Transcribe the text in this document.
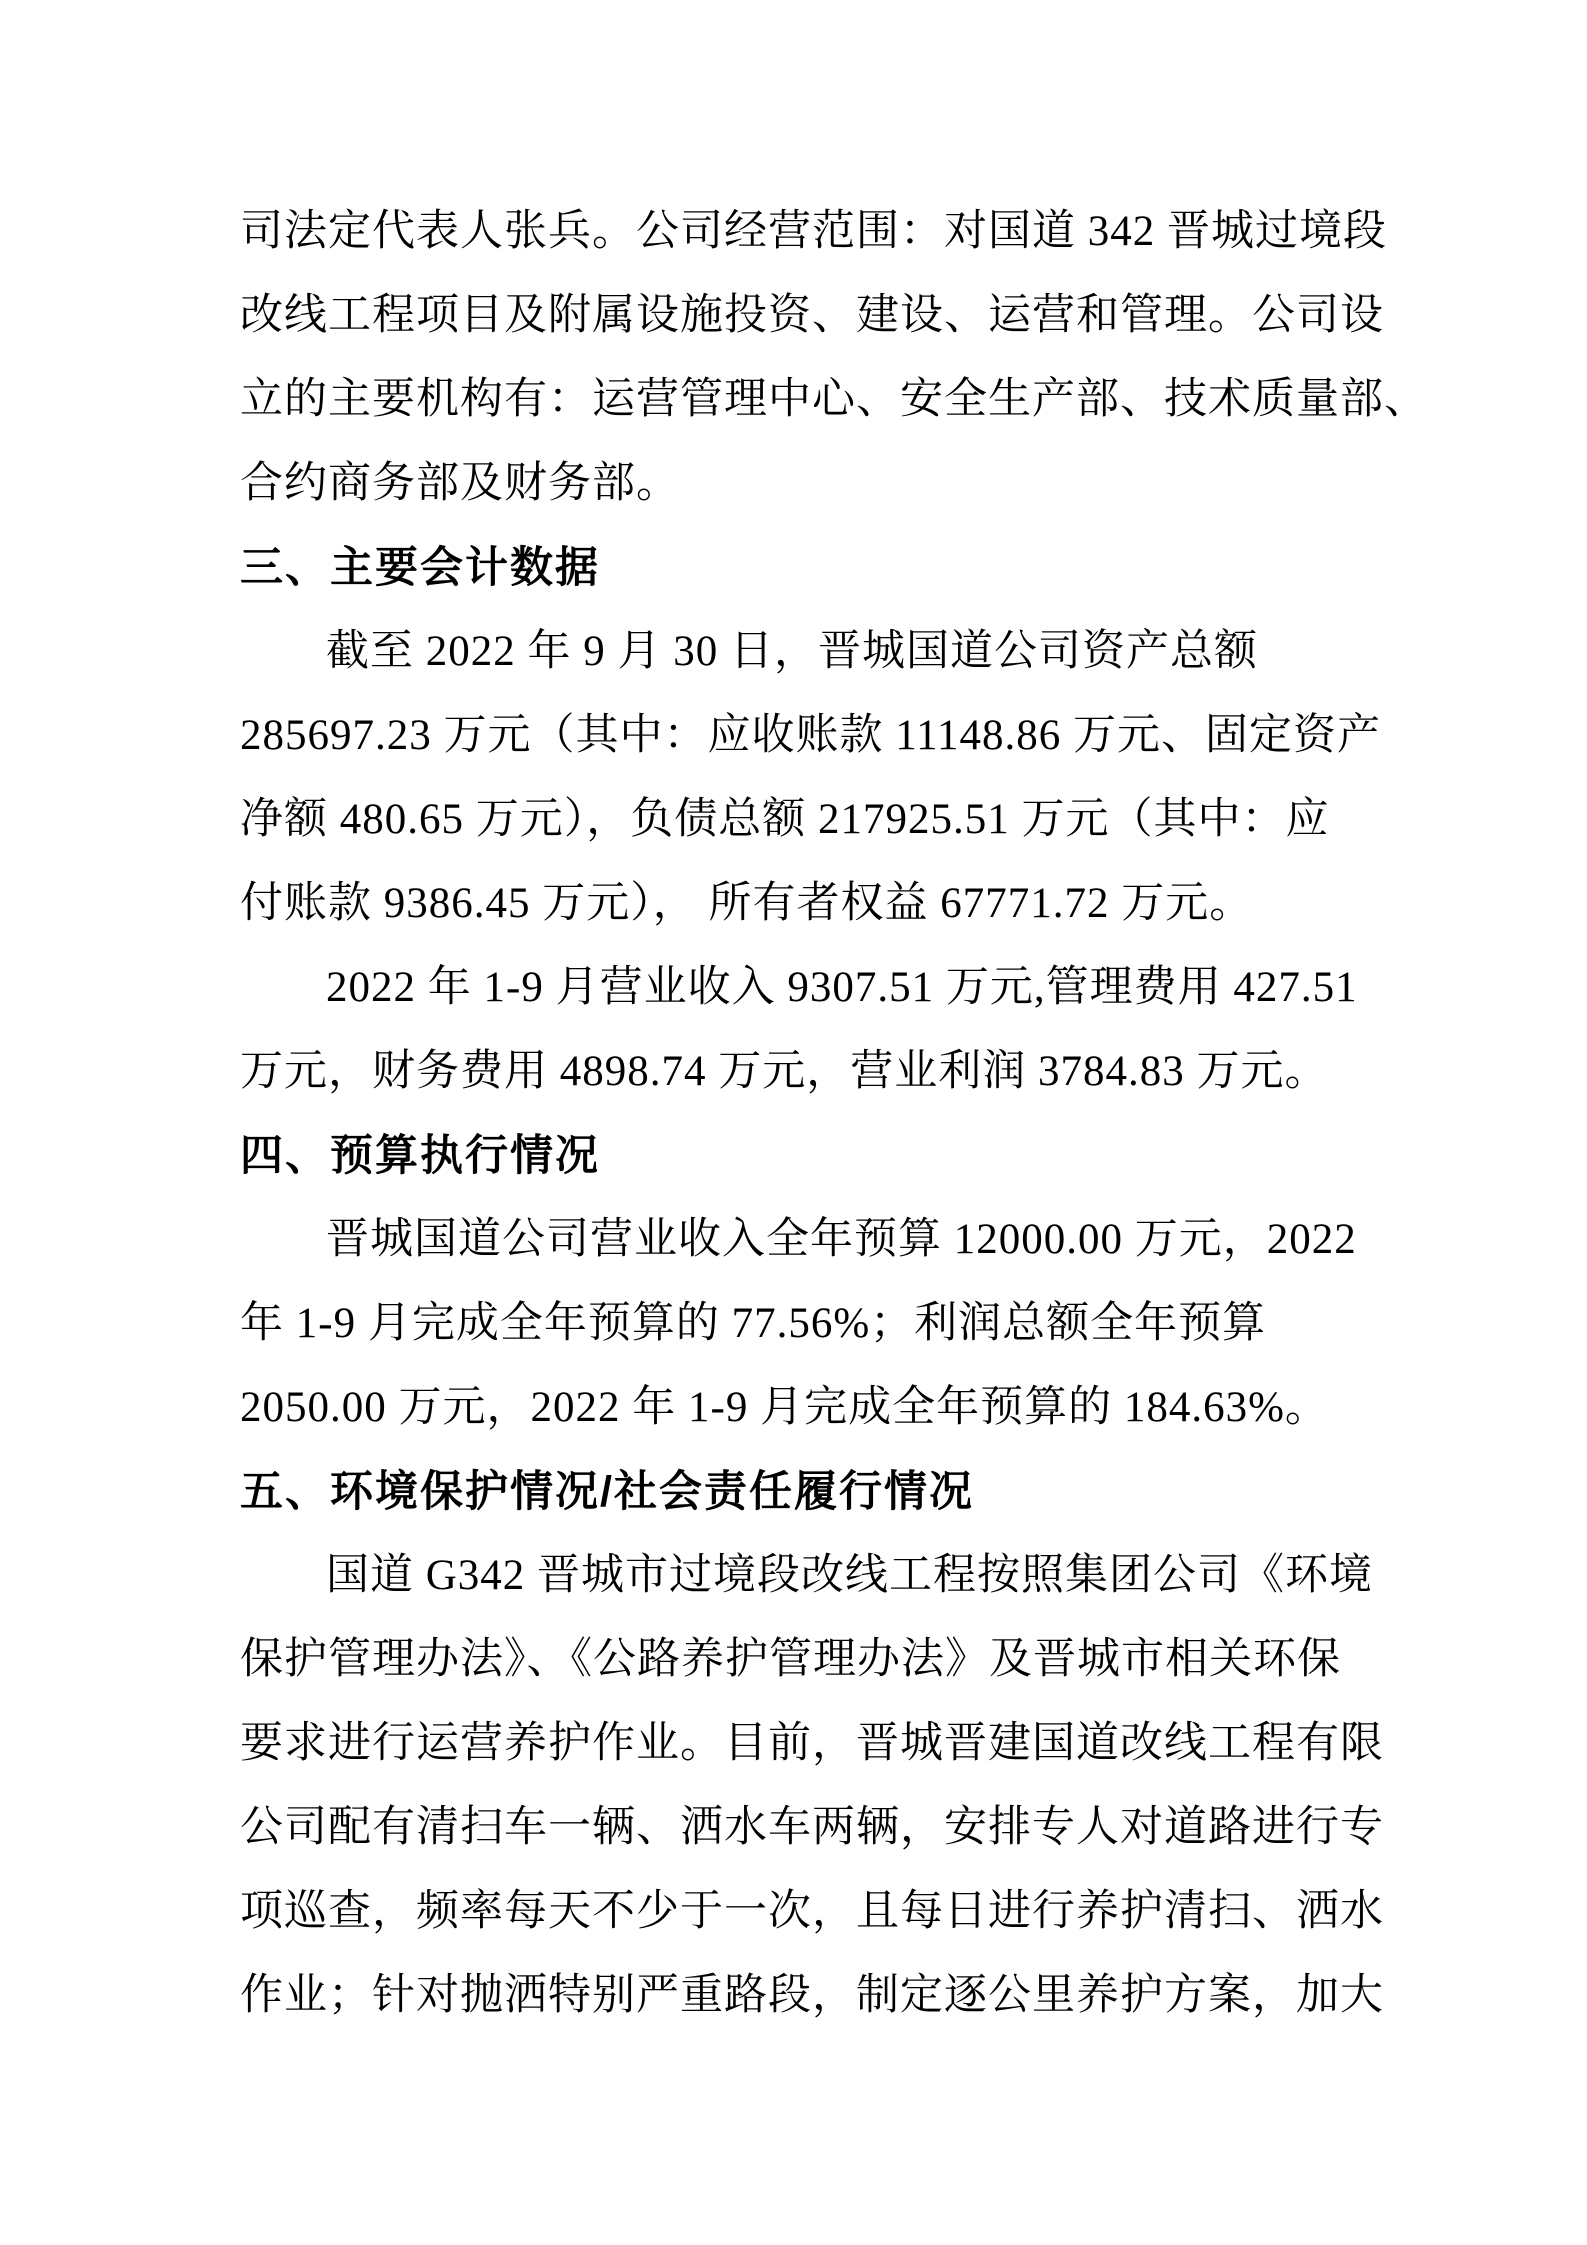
司法定代表人张兵。公司经营范围：对国道 342 晋城过境段
改线工程项目及附属设施投资、建设、运营和管理。公司设
立的主要机构有：运营管理中心、安全生产部、技术质量部、
合约商务部及财务部。
三、主要会计数据
截至 2022 年 9 月 30 日，晋城国道公司资产总额
285697.23 万元（其中：应收账款 11148.86 万元、固定资产
净额 480.65 万元），负债总额 217925.51 万元（其中：应
付账款 9386.45 万元）， 所有者权益 67771.72 万元。
2022 年 1-9 月营业收入 9307.51 万元,管理费用 427.51
万元，财务费用 4898.74 万元，营业利润 3784.83 万元。
四、预算执行情况
晋城国道公司营业收入全年预算 12000.00 万元，2022
年 1-9 月完成全年预算的 77.56%；利润总额全年预算
2050.00 万元，2022 年 1-9 月完成全年预算的 184.63%。
五、环境保护情况/社会责任履行情况
国道 G342 晋城市过境段改线工程按照集团公司《环境
保护管理办法》、《公路养护管理办法》及晋城市相关环保
要求进行运营养护作业。目前，晋城晋建国道改线工程有限
公司配有清扫车一辆、洒水车两辆，安排专人对道路进行专
项巡查，频率每天不少于一次，且每日进行养护清扫、洒水
作业；针对抛洒特别严重路段，制定逐公里养护方案，加大
